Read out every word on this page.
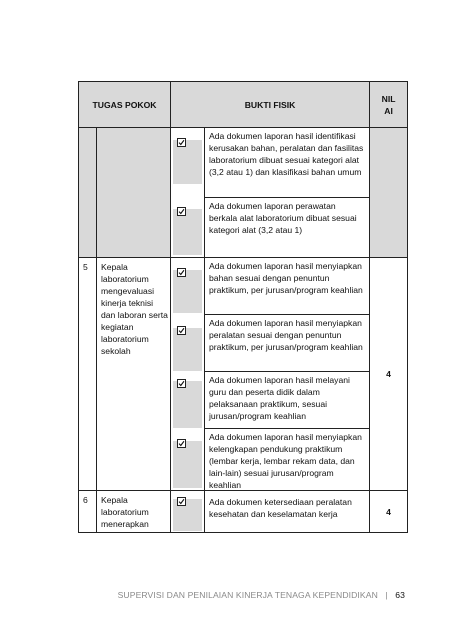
TUGAS POKOK		BUKTI FISIK		NIL
AI

Ada dokumen laporan hasil identifikasi kerusakan bahan, peralatan dan fasilitas laboratorium dibuat sesuai kategori alat (3,2 atau 1) dan klasifikasi bahan umum
Ada dokumen laporan perawatan berkala alat laboratorium dibuat sesuai kategori alat (3,2 atau 1)	

5	Kepala laboratorium mengevaluasi kinerja teknisi dan laboran serta kegiatan laboratorium sekolah		Ada dokumen laporan hasil menyiapkan bahan sesuai dengan penuntun praktikum, per jurusan/program keahlian
Ada dokumen laporan hasil menyiapkan peralatan sesuai dengan penuntun praktikum, per jurusan/program keahlian
Ada dokumen laporan hasil melayani guru dan peserta didik dalam pelaksanaan praktikum, sesuai jurusan/program keahlian
Ada dokumen laporan hasil menyiapkan kelengkapan pendukung praktikum (lembar kerja, lembar rekam data, dan lain-lain) sesuai jurusan/program keahlian	4
6	Kepala laboratorium menerapkan		Ada dokumen ketersediaan peralatan kesehatan dan keselamatan kerja	4
SUPERVISI DAN PENILAIAN KINERJA TENAGA KEPENDIDIKAN | 63
